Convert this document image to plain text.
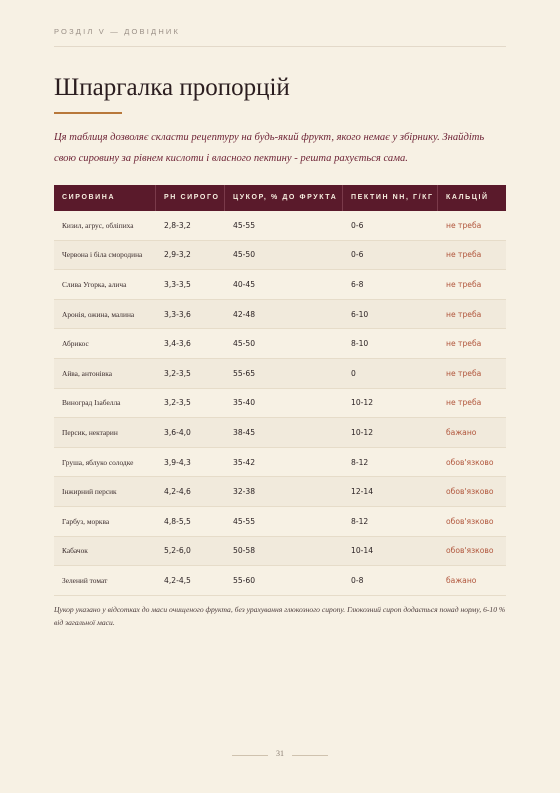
РОЗДІЛ V — ДОВІДНИК
Шпаргалка пропорцій

Ця таблиця дозволяє скласти рецептуру на будь-який фрукт, якого немає у збірнику. Знайдіть свою сировину за рівнем кислоти і власного пектину - решта рахується сама.

СИРОВИНА	PH СИРОГО	ЦУКОР, % ДО ФРУКТА	ПЕКТИН NH, Г/КГ	КАЛЬЦІЙ
Кизил, агрус, обліпиха	2,8-3,2	45-55	0-6	не треба
Червона і біла смородина	2,9-3,2	45-50	0-6	не треба
Слива Угорка, алича	3,3-3,5	40-45	6-8	не треба
Аронія, ожина, малина	3,3-3,6	42-48	6-10	не треба
Абрикос	3,4-3,6	45-50	8-10	не треба
Айва, антонівка	3,2-3,5	55-65	0	не треба
Виноград Ізабелла	3,2-3,5	35-40	10-12	не треба
Персик, нектарин	3,6-4,0	38-45	10-12	бажано
Груша, яблуко солодке	3,9-4,3	35-42	8-12	обов'язково
Інжирний персик	4,2-4,6	32-38	12-14	обов'язково
Гарбуз, морква	4,8-5,5	45-55	8-12	обов'язково
Кабачок	5,2-6,0	50-58	10-14	обов'язково
Зелений томат	4,2-4,5	55-60	0-8	бажано

Цукор указано у відсотках до маси очищеного фрукта, без урахування глюкозного сиропу. Глюкозний сироп додається понад норму, 6-10 % від загальної маси.

31
